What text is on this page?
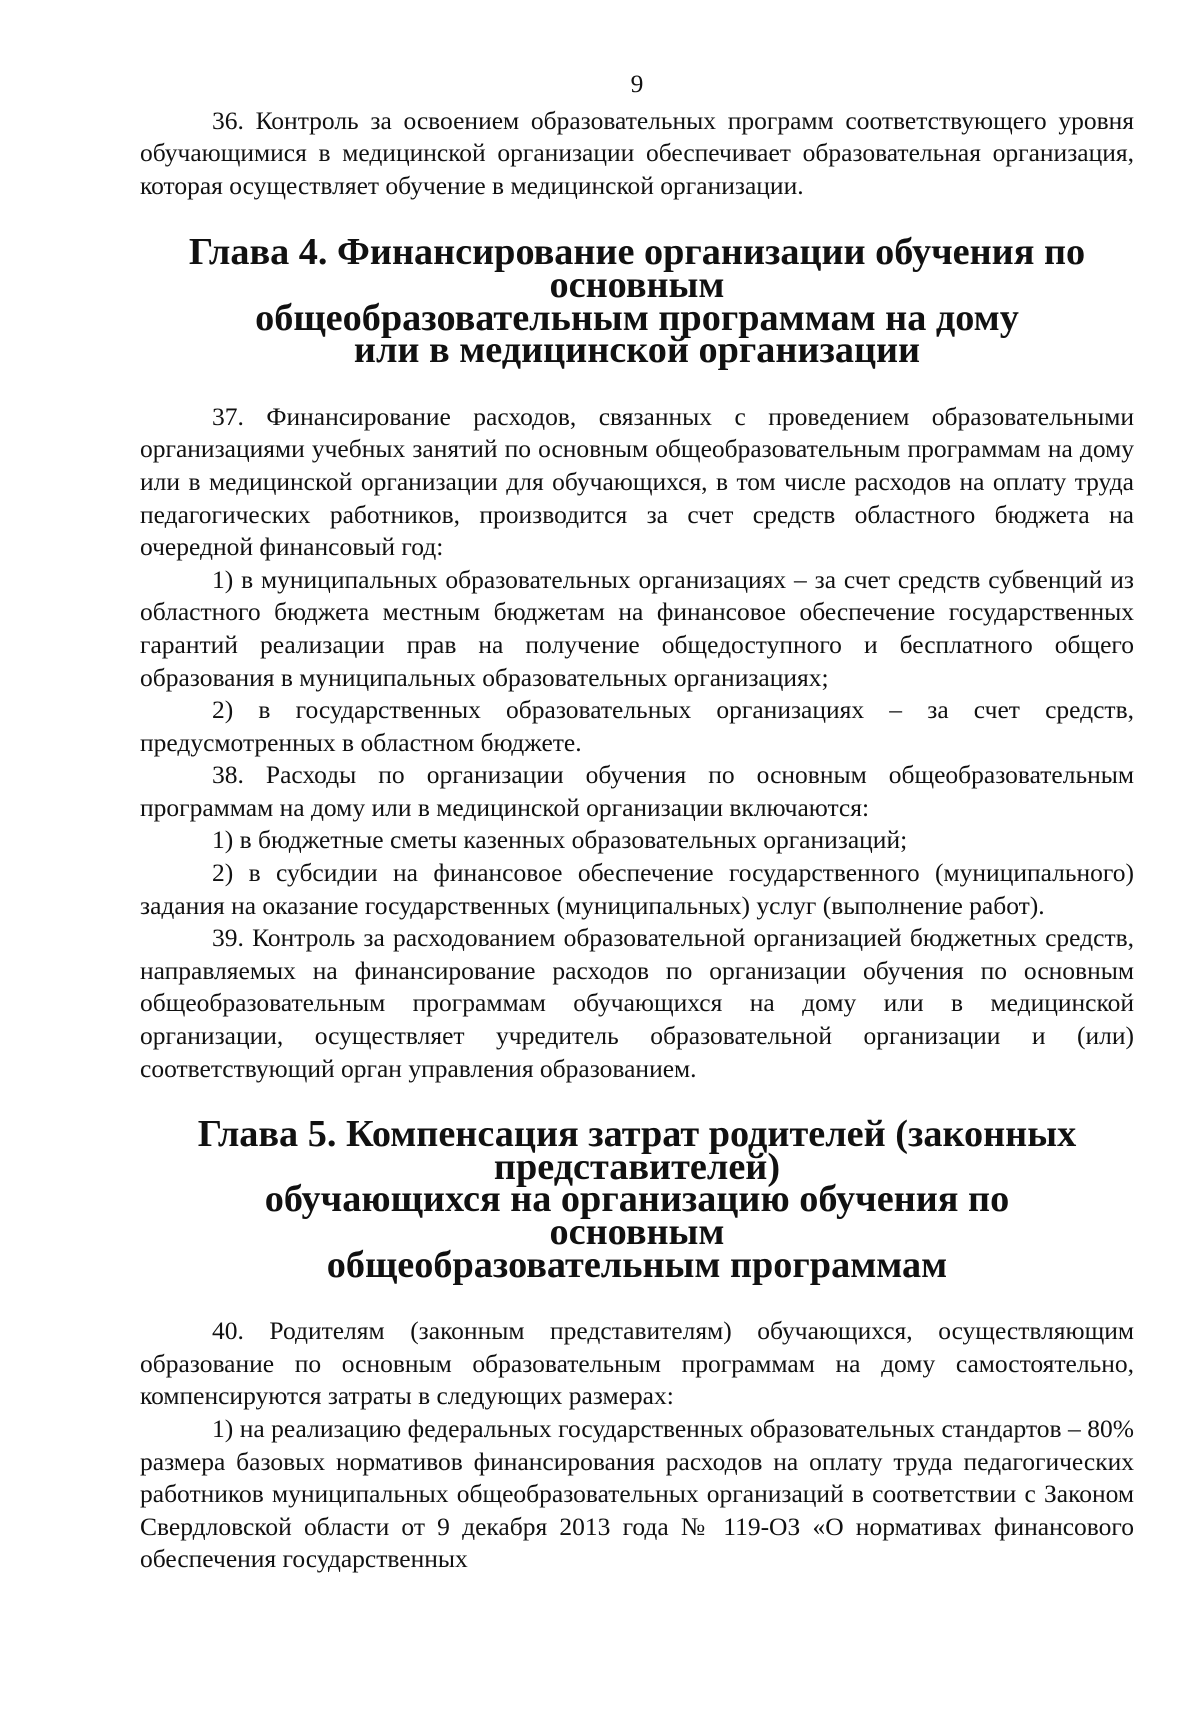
9

36. Контроль за освоением образовательных программ соответствующего уровня обучающимися в медицинской организации обеспечивает образовательная организация, которая осуществляет обучение в медицинской организации.

Глава 4. Финансирование организации обучения по основным
общеобразовательным программам на дому
или в медицинской организации

37. Финансирование расходов, связанных с проведением образовательными организациями учебных занятий по основным общеобразовательным программам на дому или в медицинской организации для обучающихся, в том числе расходов на оплату труда педагогических работников, производится за счет средств областного бюджета на очередной финансовый год:

1) в муниципальных образовательных организациях – за счет средств субвенций из областного бюджета местным бюджетам на финансовое обеспечение государственных гарантий реализации прав на получение общедоступного и бесплатного общего образования в муниципальных образовательных организациях;

2) в государственных образовательных организациях – за счет средств, предусмотренных в областном бюджете.

38. Расходы по организации обучения по основным общеобразовательным программам на дому или в медицинской организации включаются:

1) в бюджетные сметы казенных образовательных организаций;

2) в субсидии на финансовое обеспечение государственного (муниципального) задания на оказание государственных (муниципальных) услуг (выполнение работ).

39. Контроль за расходованием образовательной организацией бюджетных средств, направляемых на финансирование расходов по организации обучения по основным общеобразовательным программам обучающихся на дому или в медицинской организации, осуществляет учредитель образовательной организации и (или) соответствующий орган управления образованием.

Глава 5. Компенсация затрат родителей (законных представителей)
обучающихся на организацию обучения по основным
общеобразовательным программам

40. Родителям (законным представителям) обучающихся, осуществляющим образование по основным образовательным программам на дому самостоятельно, компенсируются затраты в следующих размерах:

1) на реализацию федеральных государственных образовательных стандартов – 80% размера базовых нормативов финансирования расходов на оплату труда педагогических работников муниципальных общеобразовательных организаций в соответствии с Законом Свердловской области от 9 декабря 2013 года № 119-ОЗ «О нормативах финансового обеспечения государственных
